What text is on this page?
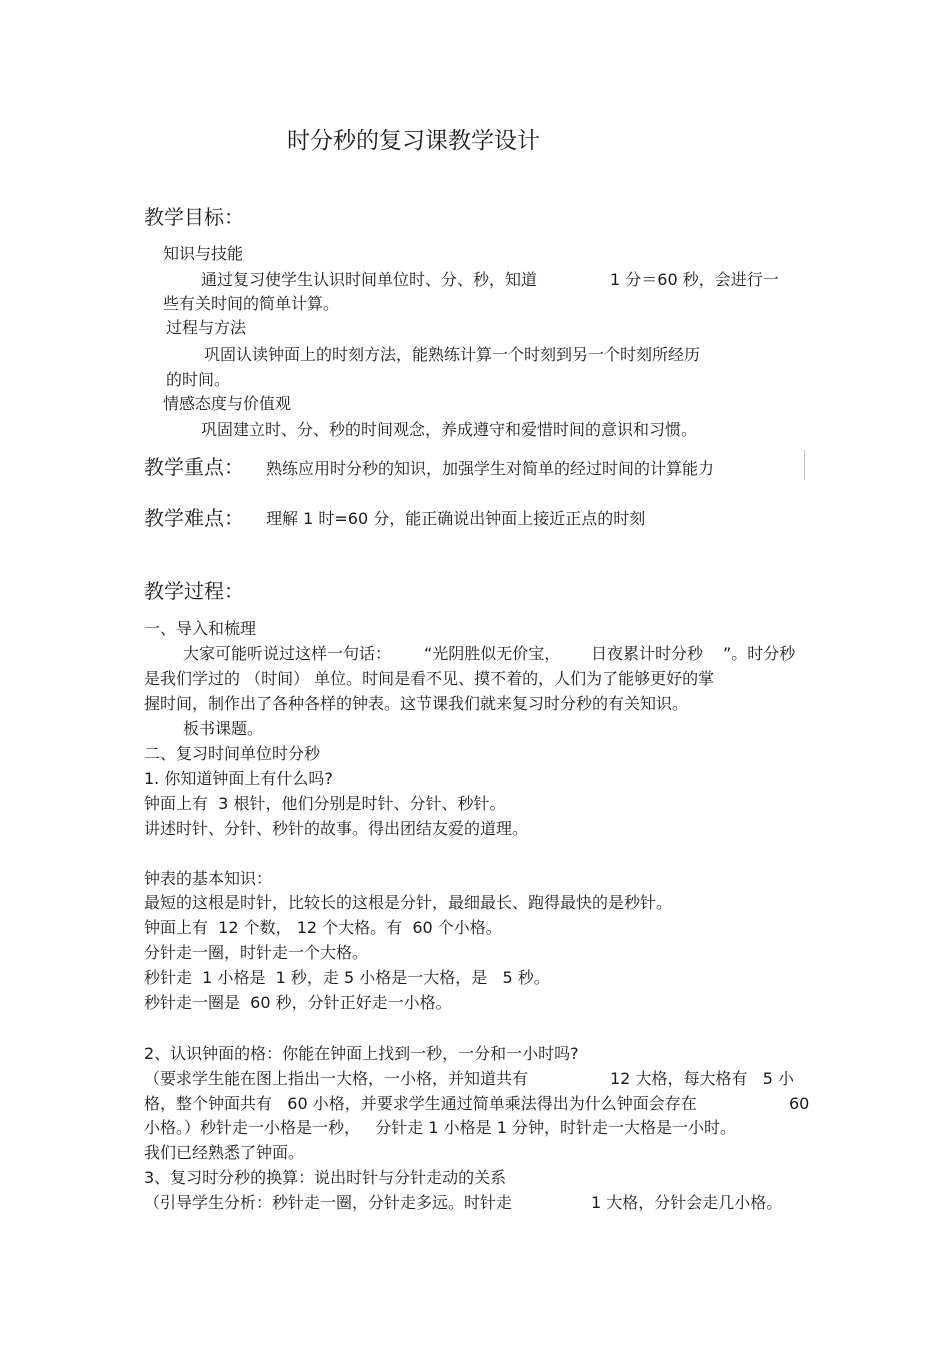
时分秒的复习课教学设计
教学目标：
知识与技能
通过复习使学生认识时间单位时、分、秒，知道	1 分＝60 秒，会进行一
些有关时间的简单计算。
过程与方法
巩固认读钟面上的时刻方法，能熟练计算一个时刻到另一个时刻所经历
的时间。
情感态度与价值观
巩固建立时、分、秒的时间观念，养成遵守和爱惜时间的意识和习惯。
教学重点： 熟练应用时分秒的知识，加强学生对简单的经过时间的计算能力
教学难点： 理解 1 时=60 分，能正确说出钟面上接近正点的时刻
教学过程：
一、导入和梳理
大家可能听说过这样一句话： “光阴胜似无价宝， 日夜累计时分秒 ”。时分秒
是我们学过的 （时间） 单位。时间是看不见、摸不着的，人们为了能够更好的掌
握时间，制作出了各种各样的钟表。这节课我们就来复习时分秒的有关知识。
板书课题。
二、复习时间单位时分秒
1. 你知道钟面上有什么吗?
钟面上有  3 根针，他们分别是时针、分针、秒针。
讲述时针、分针、秒针的故事。得出团结友爱的道理。
钟表的基本知识：
最短的这根是时针，比较长的这根是分针，最细最长、跑得最快的是秒针。
钟面上有  12 个数， 12 个大格。有  60 个小格。
分针走一圈，时针走一个大格。
秒针走  1 小格是  1 秒，走 5 小格是一大格，是   5 秒。
秒针走一圈是  60 秒，分针正好走一小格。
2、认识钟面的格：你能在钟面上找到一秒，一分和一小时吗?
（要求学生能在图上指出一大格，一小格，并知道共有	12 大格，每大格有   5 小
格，整个钟面共有   60 小格，并要求学生通过简单乘法得出为什么钟面会存在	60
小格。）秒针走一小格是一秒，   分针走 1 小格是 1 分钟，时针走一大格是一小时。
我们已经熟悉了钟面。
3、复习时分秒的换算：说出时针与分针走动的关系
（引导学生分析：秒针走一圈，分针走多远。时针走	1 大格，分针会走几小格。
